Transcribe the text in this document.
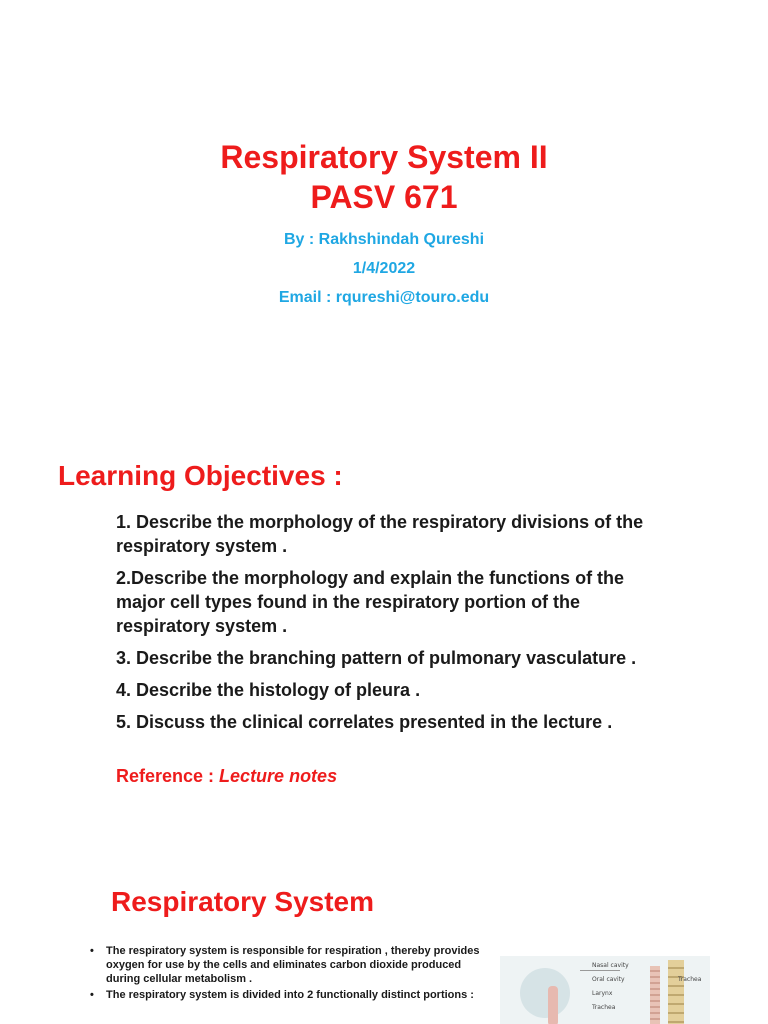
Respiratory System II
PASV 671
By : Rakhshindah Qureshi
1/4/2022
Email : rqureshi@touro.edu
Learning Objectives :
1. Describe the morphology of the respiratory divisions of the respiratory system .
2.Describe the morphology and explain the functions of the major cell types found in the respiratory portion of the respiratory system .
3. Describe the branching pattern of pulmonary vasculature .
4. Describe the histology of pleura .
5. Discuss the clinical correlates presented in the lecture .
Reference : Lecture notes
Respiratory System
• The respiratory system is responsible for respiration , thereby provides oxygen for use by the cells and eliminates carbon dioxide produced during cellular metabolism .
• The respiratory system is divided into 2 functionally distinct portions :
Nasal cavity
Oral cavity
Larynx
Trachea
Trachea
